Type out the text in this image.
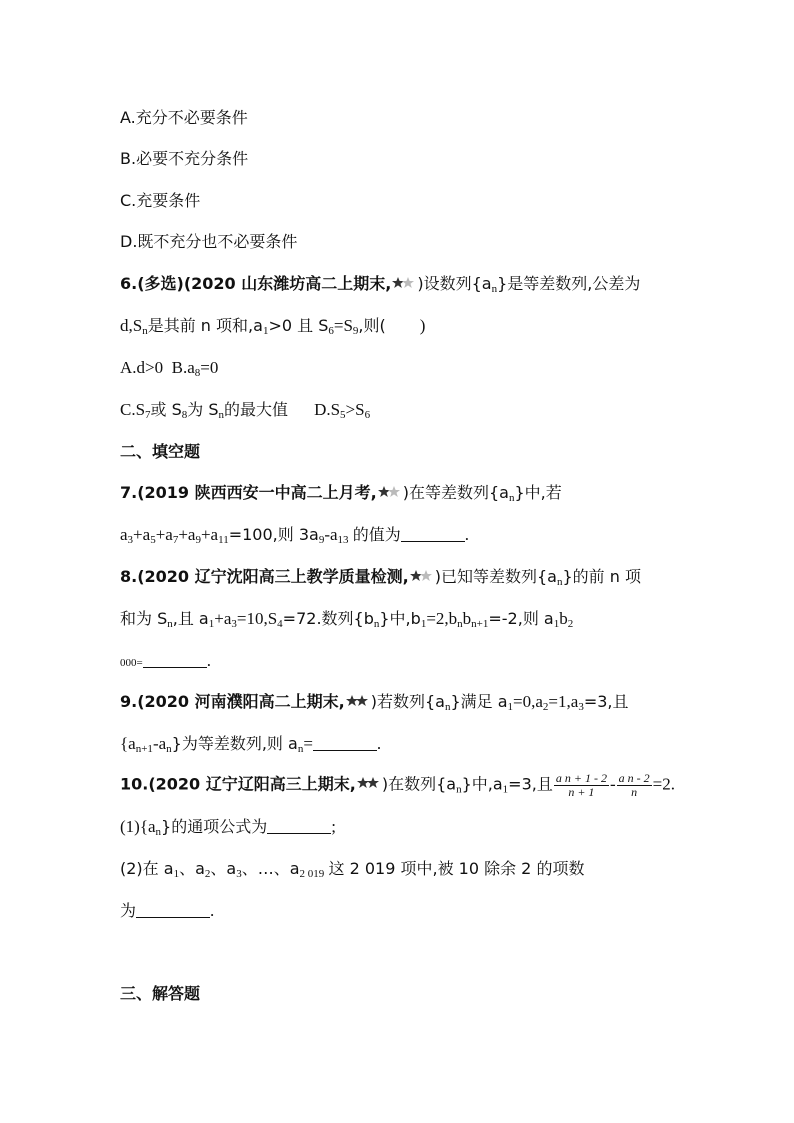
A.充分不必要条件
B.必要不充分条件
C.充要条件
D.既不充分也不必要条件
6.(多选)(2020 山东潍坊高二上期末, )设数列$\{a_n\}$是等差数列,公差为
$d,S_n$是其前 n 项和$,a_1>0$ 且 $S_6=S_9$,则( )
A.d>0 $B.a_8=0$
$C.S_7$或 $S_8$为 $S_n$的最大值 $D.S_5>S_6$
二、填空题
7.(2019 陕西西安一中高二上月考, )在等差数列$\{a_n\}$中,若
$a_3+a_5+a_7+a_9+a_{11}=100$,则 $3a_9-a_{13}$ 的值为	.
8.(2020 辽宁沈阳高三上教学质量检测, )已知等差数列$\{a_n\}$的前 n 项
和为 $S_n$,且 $a_1+a_3=10,S_4=72$.数列$\{b_n\}$中$,b_1=2,b_nb_{n+1}=-2$,则 $a_1b_2$
000=	.
9.(2020 河南濮阳高二上期末, )若数列$\{a_n\}$满足 $a_1=0,a_2=1,a_3=3$,且
$\{a_{n+1}-a_n\}$为等差数列,则 $a_n=$	.
10.(2020 辽宁辽阳高三上期末, )在数列$\{a_n\}$中$,a_1=3$,且 $\frac{\text{a n + 1 - 2}}{n + 1} - \frac{\text{a n - 2}}{n} =2$.
$(1)\{a_n\}$的通项公式为	;
(2)在 $a_1$、$a_2$、$a_3$、…、$a_{2 019}$ 这 2 019 项中,被 10 除余 2 的项数
为	.
三、解答题
